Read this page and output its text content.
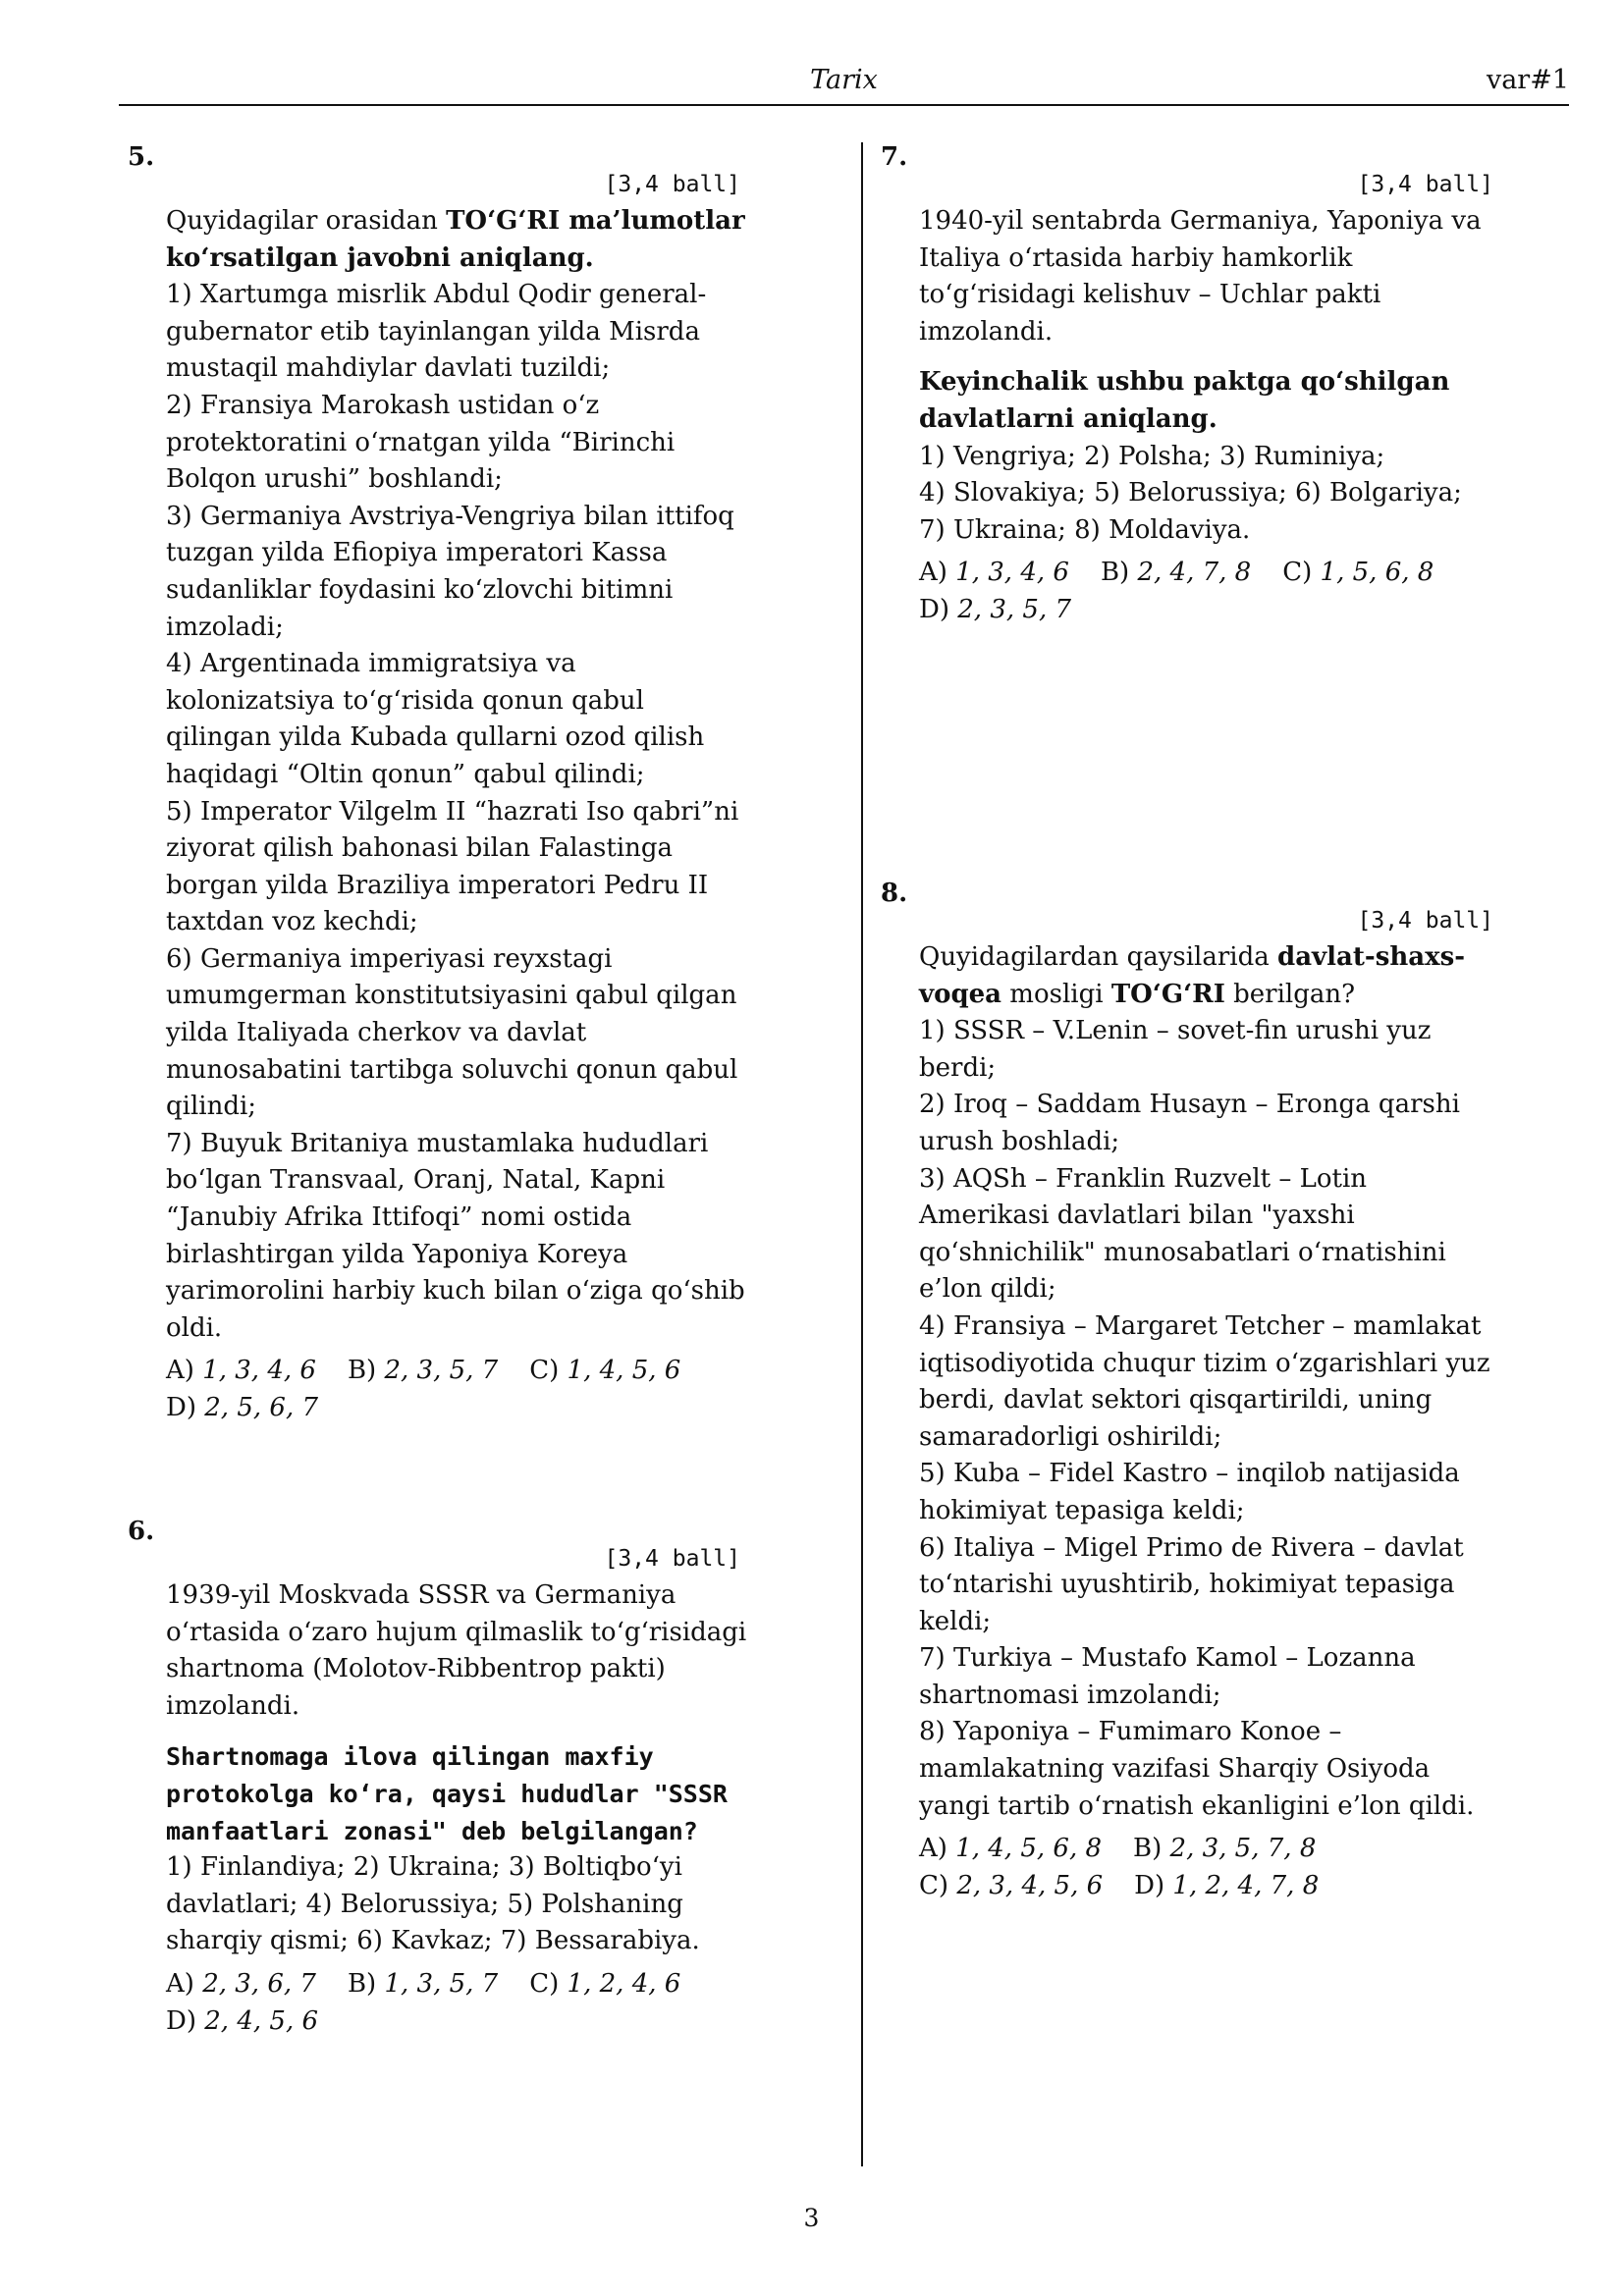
Tarix	var#1
5.
[3,4 ball]

Quyidagilar orasidan TO‘G‘RI ma’lumotlar ko‘rsatilgan javobni aniqlang.

1) Xartumga misrlik Abdul Qodir general-gubernator etib tayinlangan yilda Misrda mustaqil mahdiylar davlati tuzildi;

2) Fransiya Marokash ustidan o‘z protektoratini o‘rnatgan yilda “Birinchi Bolqon urushi” boshlandi;

3) Germaniya Avstriya-Vengriya bilan ittifoq tuzgan yilda Efiopiya imperatori Kassa sudanliklar foydasini ko‘zlovchi bitimni imzoladi;

4) Argentinada immigratsiya va kolonizatsiya to‘g‘risida qonun qabul qilingan yilda Kubada qullarni ozod qilish haqidagi “Oltin qonun” qabul qilindi;

5) Imperator Vilgelm II “hazrati Iso qabri”ni ziyorat qilish bahonasi bilan Falastinga borgan yilda Braziliya imperatori Pedru II taxtdan voz kechdi;

6) Germaniya imperiyasi reyxstagi umumgerman konstitutsiyasini qabul qilgan yilda Italiyada cherkov va davlat munosabatini tartibga soluvchi qonun qabul qilindi;

7) Buyuk Britaniya mustamlaka hududlari bo‘lgan Transvaal, Oranj, Natal, Kapni “Janubiy Afrika Ittifoqi” nomi ostida birlashtirgan yilda Yaponiya Koreya yarimorolini harbiy kuch bilan o‘ziga qo‘shib oldi.

A) 1, 3, 4, 6 B) 2, 3, 5, 7 C) 1, 4, 5, 6
D) 2, 5, 6, 7
6.
[3,4 ball]

1939-yil Moskvada SSSR va Germaniya o‘rtasida o‘zaro hujum qilmaslik to‘g‘risidagi shartnoma (Molotov-Ribbentrop pakti) imzolandi.

Shartnomaga ilova qilingan maxfiy protokolga ko‘ra, qaysi hududlar "SSSR manfaatlari zonasi" deb belgilangan?

1) Finlandiya; 2) Ukraina; 3) Boltiqbo‘yi davlatlari; 4) Belorussiya; 5) Polshaning sharqiy qismi; 6) Kavkaz; 7) Bessarabiya.

A) 2, 3, 6, 7 B) 1, 3, 5, 7 C) 1, 2, 4, 6
D) 2, 4, 5, 6
7.
[3,4 ball]

1940-yil sentabrda Germaniya, Yaponiya va Italiya o‘rtasida harbiy hamkorlik to‘g‘risidagi kelishuv – Uchlar pakti imzolandi.

Keyinchalik ushbu paktga qo‘shilgan davlatlarni aniqlang.

1) Vengriya; 2) Polsha; 3) Ruminiya;

4) Slovakiya; 5) Belorussiya; 6) Bolgariya;

7) Ukraina; 8) Moldaviya.

A) 1, 3, 4, 6 B) 2, 4, 7, 8 C) 1, 5, 6, 8
D) 2, 3, 5, 7
8.
[3,4 ball]

Quyidagilardan qaysilarida davlat-shaxs-voqea mosligi TO‘G‘RI berilgan?

1) SSSR – V.Lenin – sovet-fin urushi yuz berdi;

2) Iroq – Saddam Husayn – Eronga qarshi urush boshladi;

3) AQSh – Franklin Ruzvelt – Lotin Amerikasi davlatlari bilan "yaxshi qo‘shnichilik" munosabatlari o‘rnatishini e’lon qildi;

4) Fransiya – Margaret Tetcher – mamlakat iqtisodiyotida chuqur tizim o‘zgarishlari yuz berdi, davlat sektori qisqartirildi, uning samaradorligi oshirildi;

5) Kuba – Fidel Kastro – inqilob natijasida hokimiyat tepasiga keldi;

6) Italiya – Migel Primo de Rivera – davlat to‘ntarishi uyushtirib, hokimiyat tepasiga keldi;

7) Turkiya – Mustafo Kamol – Lozanna shartnomasi imzolandi;

8) Yaponiya – Fumimaro Konoe – mamlakatning vazifasi Sharqiy Osiyoda yangi tartib o‘rnatish ekanligini e’lon qildi.

A) 1, 4, 5, 6, 8 B) 2, 3, 5, 7, 8
C) 2, 3, 4, 5, 6 D) 1, 2, 4, 7, 8
3
